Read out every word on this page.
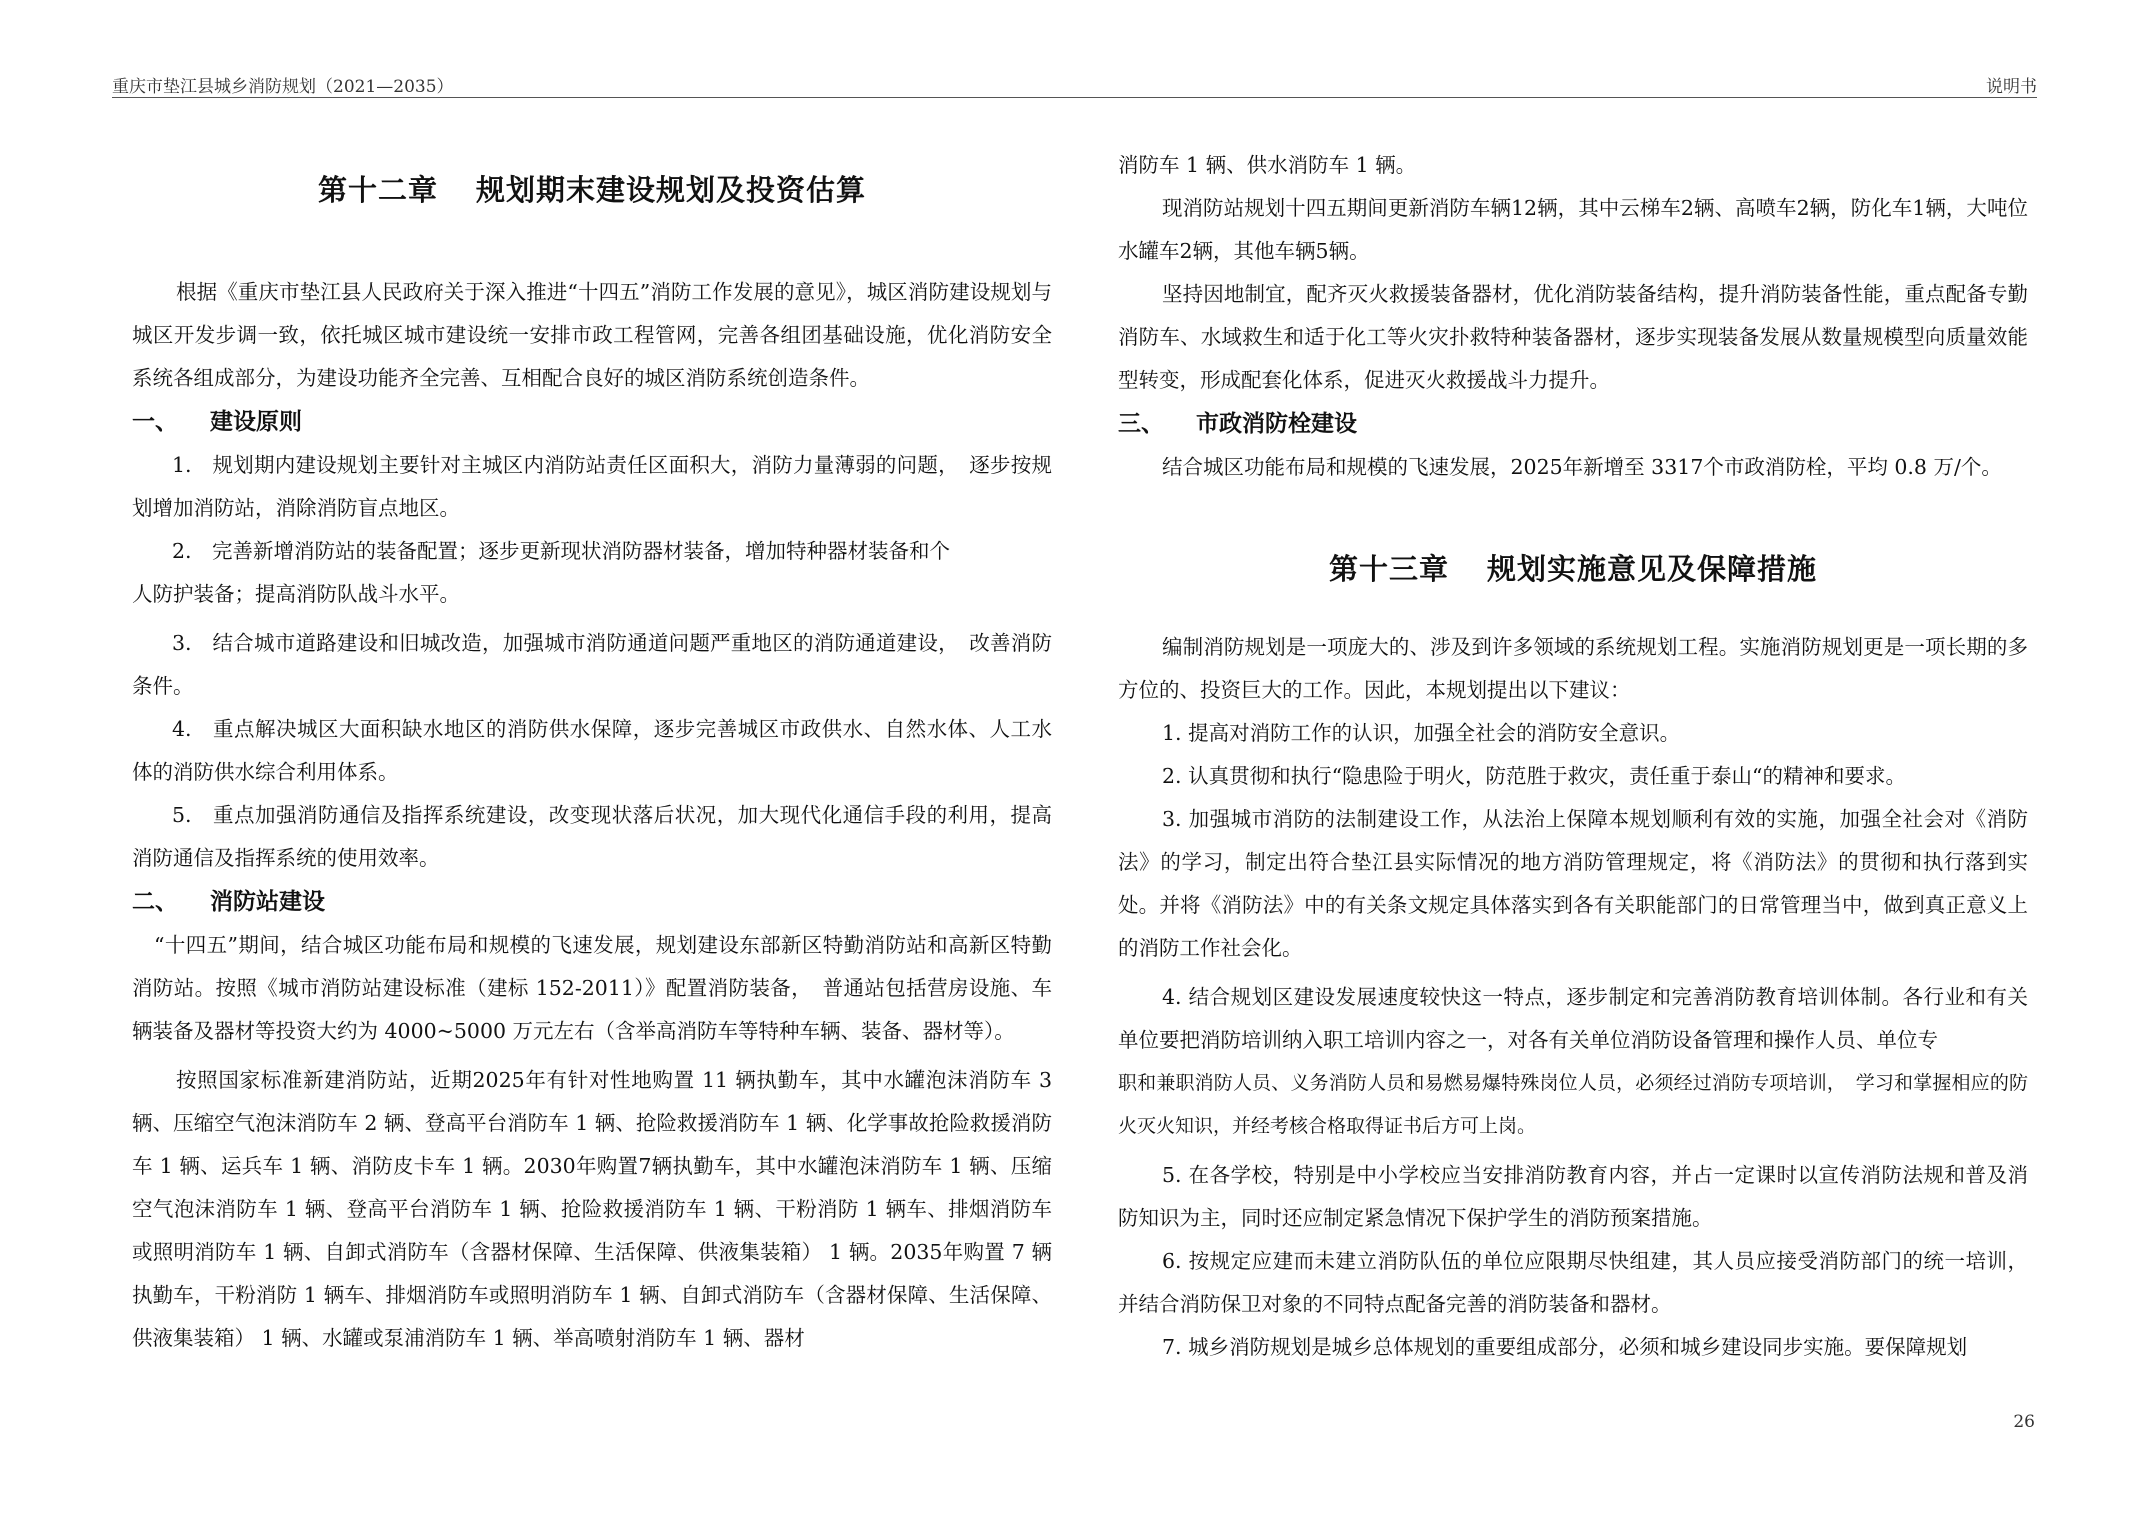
重庆市垫江县城乡消防规划（2021—2035）	说明书
第十二章 规划期末建设规划及投资估算

根据《重庆市垫江县人民政府关于深入推进“十四五”消防工作发展的意见》，城区消防建设规划与城区开发步调一致，依托城区城市建设统一安排市政工程管网，完善各组团基础设施，优化消防安全系统各组成部分，为建设功能齐全完善、互相配合良好的城区消防系统创造条件。

一、 建设原则

1.　规划期内建设规划主要针对主城区内消防站责任区面积大，消防力量薄弱的问题，　逐步按规划增加消防站，消除消防盲点地区。

2.　完善新增消防站的装备配置；逐步更新现状消防器材装备，增加特种器材装备和个

人防护装备；提高消防队战斗水平。

3.　结合城市道路建设和旧城改造，加强城市消防通道问题严重地区的消防通道建设，　改善消防条件。

4.　重点解决城区大面积缺水地区的消防供水保障，逐步完善城区市政供水、自然水体、人工水体的消防供水综合利用体系。

5.　重点加强消防通信及指挥系统建设，改变现状落后状况，加大现代化通信手段的利用，提高消防通信及指挥系统的使用效率。

二、 消防站建设

“十四五”期间，结合城区功能布局和规模的飞速发展，规划建设东部新区特勤消防站和高新区特勤消防站。按照《城市消防站建设标准（建标 152-2011）》配置消防装备，　普通站包括营房设施、车辆装备及器材等投资大约为 4000~5000 万元左右（含举高消防车等特种车辆、装备、器材等）。

按照国家标准新建消防站，近期2025年有针对性地购置 11 辆执勤车，其中水罐泡沫消防车 3 辆、压缩空气泡沫消防车 2 辆、登高平台消防车 1 辆、抢险救援消防车 1 辆、化学事故抢险救援消防车 1 辆、运兵车 1 辆、消防皮卡车 1 辆。2030年购置7辆执勤车，其中水罐泡沫消防车 1 辆、压缩空气泡沫消防车 1 辆、登高平台消防车 1 辆、抢险救援消防车 1 辆、干粉消防 1 辆车、排烟消防车或照明消防车 1 辆、自卸式消防车（含器材保障、生活保障、供液集装箱） 1 辆。2035年购置 7 辆执勤车，干粉消防 1 辆车、排烟消防车或照明消防车 1 辆、自卸式消防车（含器材保障、生活保障、供液集装箱） 1 辆、水罐或泵浦消防车 1 辆、举高喷射消防车 1 辆、器材

消防车 1 辆、供水消防车 1 辆。

现消防站规划十四五期间更新消防车辆12辆，其中云梯车2辆、高喷车2辆，防化车1辆，大吨位水罐车2辆，其他车辆5辆。

坚持因地制宜，配齐灭火救援装备器材，优化消防装备结构，提升消防装备性能，重点配备专勤消防车、水域救生和适于化工等火灾扑救特种装备器材，逐步实现装备发展从数量规模型向质量效能型转变，形成配套化体系，促进灭火救援战斗力提升。

三、 市政消防栓建设

结合城区功能布局和规模的飞速发展，2025年新增至 3317个市政消防栓，平均 0.8 万/个。

第十三章 规划实施意见及保障措施

编制消防规划是一项庞大的、涉及到许多领域的系统规划工程。实施消防规划更是一项长期的多方位的、投资巨大的工作。因此，本规划提出以下建议：

1. 提高对消防工作的认识，加强全社会的消防安全意识。

2. 认真贯彻和执行“隐患险于明火，防范胜于救灾，责任重于泰山“的精神和要求。

3. 加强城市消防的法制建设工作，从法治上保障本规划顺利有效的实施，加强全社会对《消防法》的学习，制定出符合垫江县实际情况的地方消防管理规定，将《消防法》的贯彻和执行落到实处。并将《消防法》中的有关条文规定具体落实到各有关职能部门的日常管理当中，做到真正意义上的消防工作社会化。

4. 结合规划区建设发展速度较快这一特点，逐步制定和完善消防教育培训体制。各行业和有关单位要把消防培训纳入职工培训内容之一，对各有关单位消防设备管理和操作人员、单位专

职和兼职消防人员、义务消防人员和易燃易爆特殊岗位人员，必须经过消防专项培训，　学习和掌握相应的防火灭火知识，并经考核合格取得证书后方可上岗。

5. 在各学校，特别是中小学校应当安排消防教育内容，并占一定课时以宣传消防法规和普及消防知识为主，同时还应制定紧急情况下保护学生的消防预案措施。

6. 按规定应建而未建立消防队伍的单位应限期尽快组建，其人员应接受消防部门的统一培训，并结合消防保卫对象的不同特点配备完善的消防装备和器材。

7. 城乡消防规划是城乡总体规划的重要组成部分，必须和城乡建设同步实施。要保障规划

26
